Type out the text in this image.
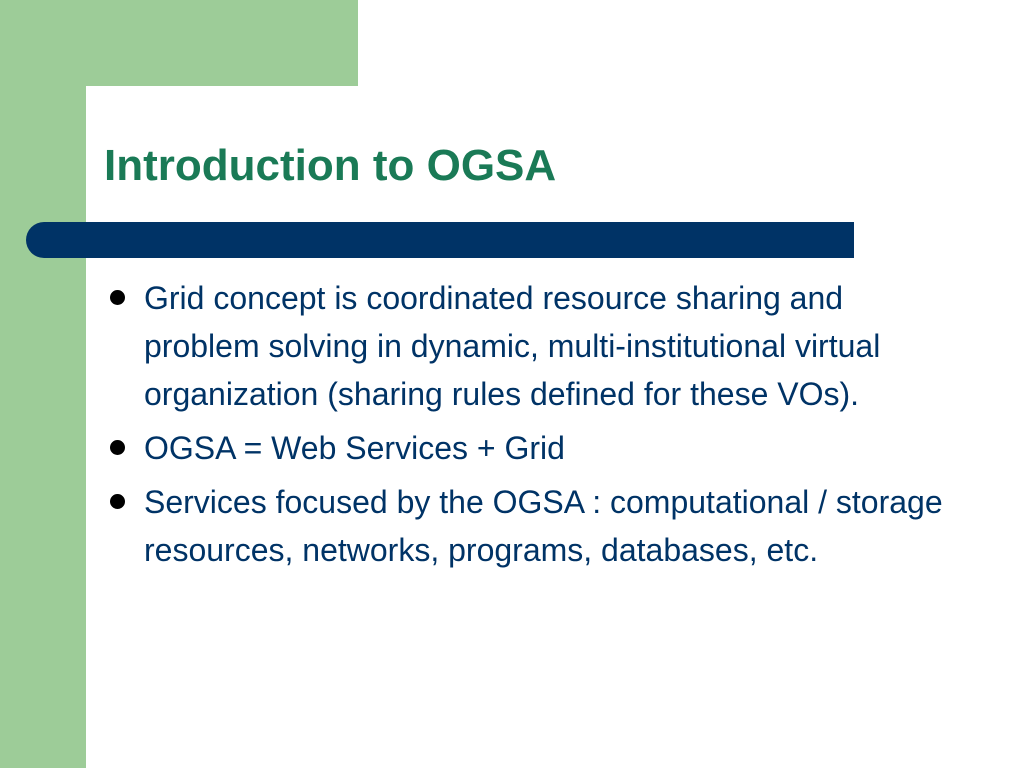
Introduction to OGSA
Grid concept is coordinated resource sharing and problem solving in dynamic, multi-institutional virtual organization (sharing rules defined for these VOs).
OGSA = Web Services + Grid
Services focused by the OGSA : computational / storage resources, networks, programs, databases, etc.
